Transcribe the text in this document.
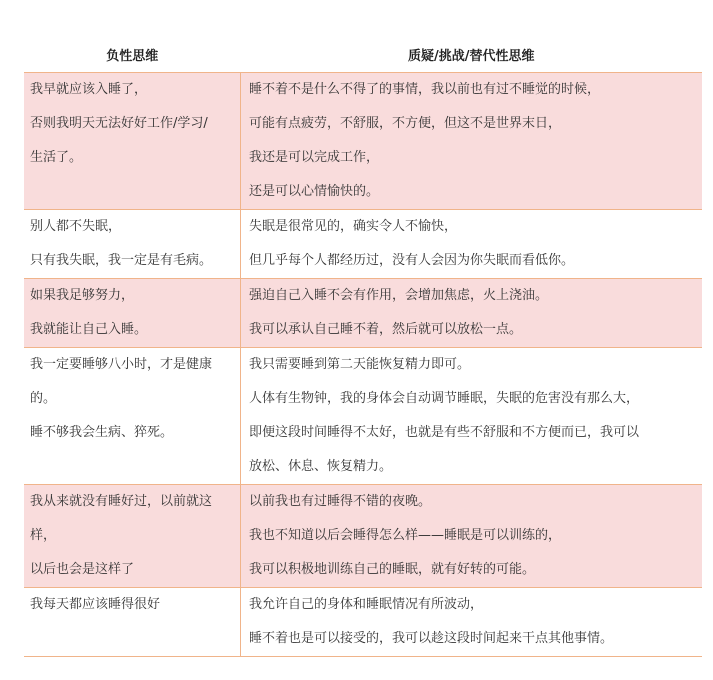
负性思维	质疑/挑战/替代性思维

我早就应该入睡了，
否则我明天无法好好工作/学习/
生活了。	睡不着不是什么不得了的事情，我以前也有过不睡觉的时候，
可能有点疲劳，不舒服，不方便，但这不是世界末日，
我还是可以完成工作，
还是可以心情愉快的。

别人都不失眠，
只有我失眠，我一定是有毛病。	失眠是很常见的，确实令人不愉快，
但几乎每个人都经历过，没有人会因为你失眠而看低你。

如果我足够努力，
我就能让自己入睡。	强迫自己入睡不会有作用，会增加焦虑，火上浇油。
我可以承认自己睡不着，然后就可以放松一点。

我一定要睡够八小时，才是健康
的。
睡不够我会生病、猝死。	我只需要睡到第二天能恢复精力即可。
人体有生物钟，我的身体会自动调节睡眠，失眠的危害没有那么大，
即便这段时间睡得不太好，也就是有些不舒服和不方便而已，我可以
放松、休息、恢复精力。

我从来就没有睡好过，以前就这
样，
以后也会是这样了	以前我也有过睡得不错的夜晚。
我也不知道以后会睡得怎么样——睡眠是可以训练的，
我可以积极地训练自己的睡眠，就有好转的可能。

我每天都应该睡得很好	我允许自己的身体和睡眠情况有所波动，
睡不着也是可以接受的，我可以趁这段时间起来干点其他事情。
